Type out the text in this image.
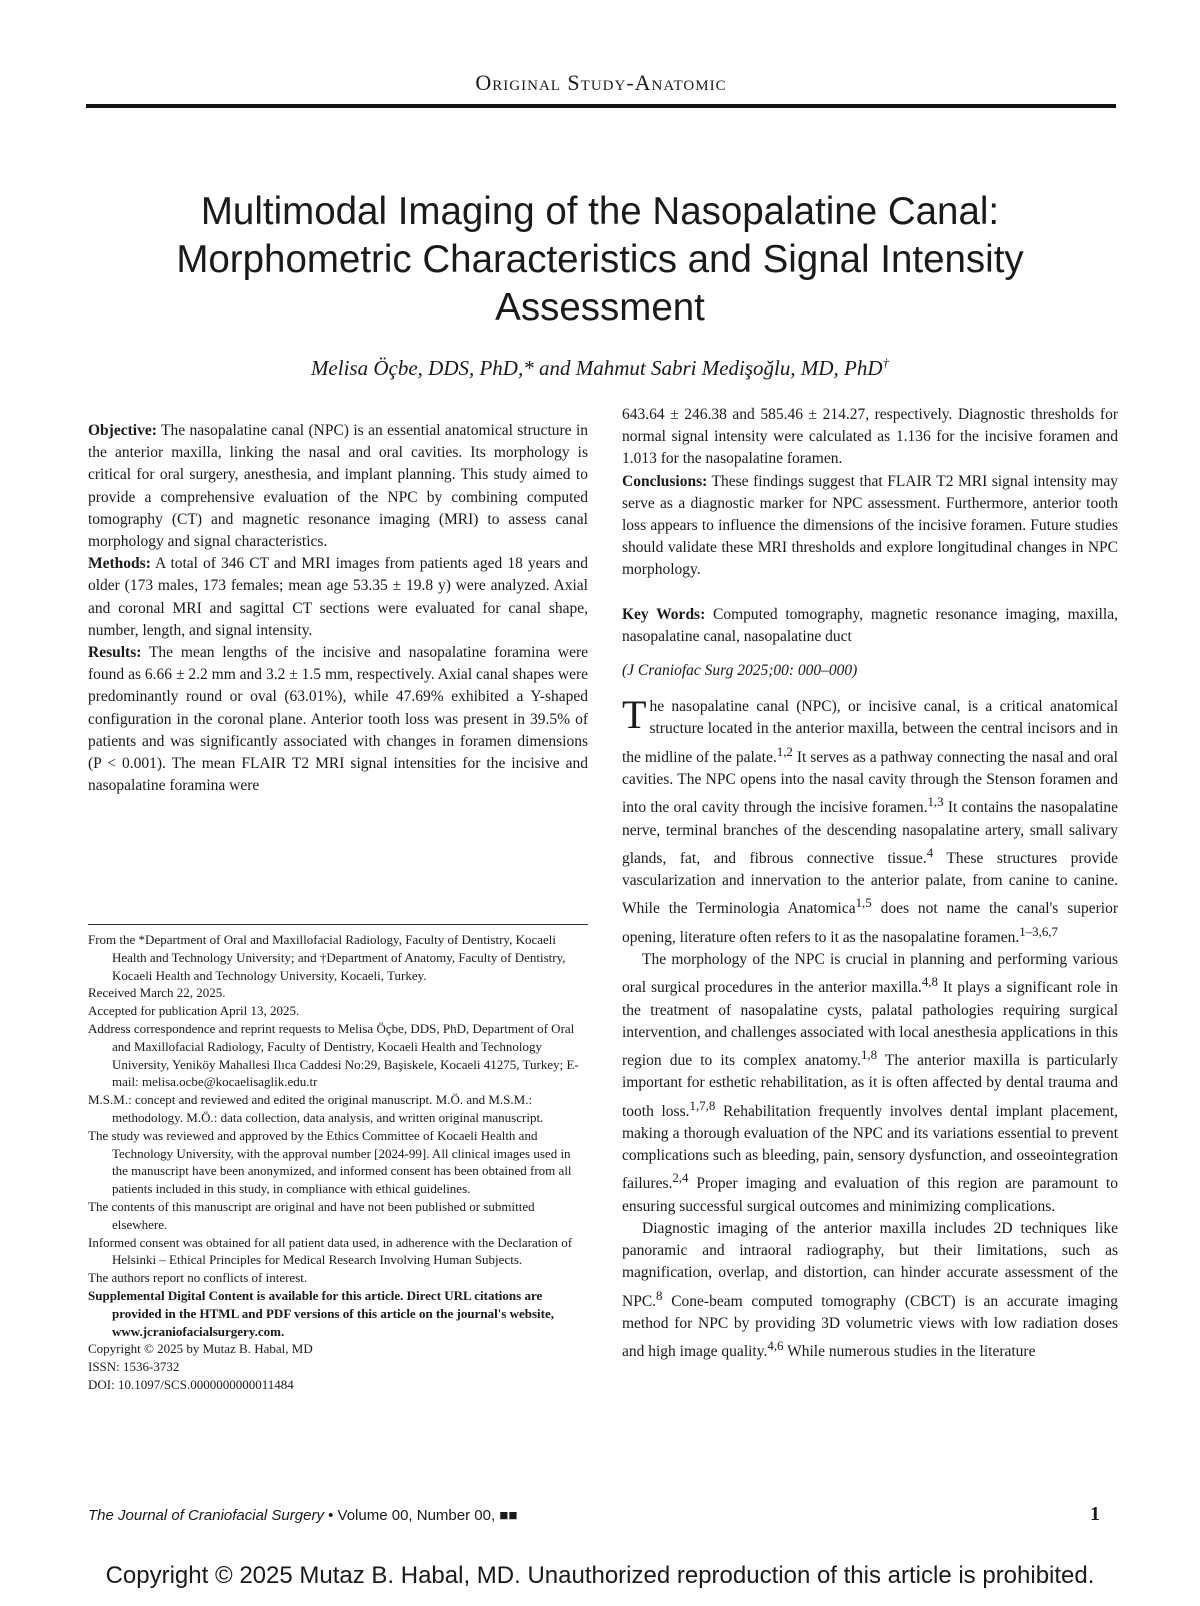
Original Study-Anatomic
Multimodal Imaging of the Nasopalatine Canal:
Morphometric Characteristics and Signal Intensity
Assessment
Melisa Öçbe, DDS, PhD,* and Mahmut Sabri Medişoğlu, MD, PhD†

Objective: The nasopalatine canal (NPC) is an essential anatomical structure in the anterior maxilla, linking the nasal and oral cavities. Its morphology is critical for oral surgery, anesthesia, and implant planning. This study aimed to provide a comprehensive evaluation of the NPC by combining computed tomography (CT) and magnetic resonance imaging (MRI) to assess canal morphology and signal characteristics.

Methods: A total of 346 CT and MRI images from patients aged 18 years and older (173 males, 173 females; mean age 53.35 ± 19.8 y) were analyzed. Axial and coronal MRI and sagittal CT sections were evaluated for canal shape, number, length, and signal intensity.

Results: The mean lengths of the incisive and nasopalatine foramina were found as 6.66 ± 2.2 mm and 3.2 ± 1.5 mm, respectively. Axial canal shapes were predominantly round or oval (63.01%), while 47.69% exhibited a Y-shaped configuration in the coronal plane. Anterior tooth loss was present in 39.5% of patients and was significantly associated with changes in foramen dimensions (P < 0.001). The mean FLAIR T2 MRI signal intensities for the incisive and nasopalatine foramina were

From the *Department of Oral and Maxillofacial Radiology, Faculty of Dentistry, Kocaeli Health and Technology University; and †Department of Anatomy, Faculty of Dentistry, Kocaeli Health and Technology University, Kocaeli, Turkey.

Received March 22, 2025.

Accepted for publication April 13, 2025.

Address correspondence and reprint requests to Melisa Öçbe, DDS, PhD, Department of Oral and Maxillofacial Radiology, Faculty of Dentistry, Kocaeli Health and Technology University, Yeniköy Mahallesi Ilıca Caddesi No:29, Başiskele, Kocaeli 41275, Turkey; E-mail: melisa.ocbe@kocaelisaglik.edu.tr

M.S.M.: concept and reviewed and edited the original manuscript. M.Ö. and M.S.M.: methodology. M.Ö.: data collection, data analysis, and written original manuscript.

The study was reviewed and approved by the Ethics Committee of Kocaeli Health and Technology University, with the approval number [2024-99]. All clinical images used in the manuscript have been anonymized, and informed consent has been obtained from all patients included in this study, in compliance with ethical guidelines.

The contents of this manuscript are original and have not been published or submitted elsewhere.

Informed consent was obtained for all patient data used, in adherence with the Declaration of Helsinki – Ethical Principles for Medical Research Involving Human Subjects.

The authors report no conflicts of interest.

Supplemental Digital Content is available for this article. Direct URL citations are provided in the HTML and PDF versions of this article on the journal's website, www.jcraniofacialsurgery.com.

Copyright © 2025 by Mutaz B. Habal, MD

ISSN: 1536-3732

DOI: 10.1097/SCS.0000000000011484

643.64 ± 246.38 and 585.46 ± 214.27, respectively. Diagnostic thresholds for normal signal intensity were calculated as 1.136 for the incisive foramen and 1.013 for the nasopalatine foramen.

Conclusions: These findings suggest that FLAIR T2 MRI signal intensity may serve as a diagnostic marker for NPC assessment. Furthermore, anterior tooth loss appears to influence the dimensions of the incisive foramen. Future studies should validate these MRI thresholds and explore longitudinal changes in NPC morphology.

Key Words: Computed tomography, magnetic resonance imaging, maxilla, nasopalatine canal, nasopalatine duct

(J Craniofac Surg 2025;00: 000–000)

The nasopalatine canal (NPC), or incisive canal, is a critical anatomical structure located in the anterior maxilla, between the central incisors and in the midline of the palate.$^{1,2}$ It serves as a pathway connecting the nasal and oral cavities. The NPC opens into the nasal cavity through the Stenson foramen and into the oral cavity through the incisive foramen.$^{1,3}$ It contains the nasopalatine nerve, terminal branches of the descending nasopalatine artery, small salivary glands, fat, and fibrous connective tissue.$^4$ These structures provide vascularization and innervation to the anterior palate, from canine to canine. While the Terminologia Anatomica$^{1,5}$ does not name the canal's superior opening, literature often refers to it as the nasopalatine foramen.$^{1-3,6,7}$

The morphology of the NPC is crucial in planning and performing various oral surgical procedures in the anterior maxilla.$^{4,8}$ It plays a significant role in the treatment of nasopalatine cysts, palatal pathologies requiring surgical intervention, and challenges associated with local anesthesia applications in this region due to its complex anatomy.$^{1,8}$ The anterior maxilla is particularly important for esthetic rehabilitation, as it is often affected by dental trauma and tooth loss.$^{1,7,8}$ Rehabilitation frequently involves dental implant placement, making a thorough evaluation of the NPC and its variations essential to prevent complications such as bleeding, pain, sensory dysfunction, and osseointegration failures.$^{2,4}$ Proper imaging and evaluation of this region are paramount to ensuring successful surgical outcomes and minimizing complications.

Diagnostic imaging of the anterior maxilla includes 2D techniques like panoramic and intraoral radiography, but their limitations, such as magnification, overlap, and distortion, can hinder accurate assessment of the NPC.$^8$ Cone-beam computed tomography (CBCT) is an accurate imaging method for NPC by providing 3D volumetric views with low radiation doses and high image quality.$^{4,6}$ While numerous studies in the literature

The Journal of Craniofacial Surgery • Volume 00, Number 00, ■■	1
Copyright © 2025 Mutaz B. Habal, MD. Unauthorized reproduction of this article is prohibited.
